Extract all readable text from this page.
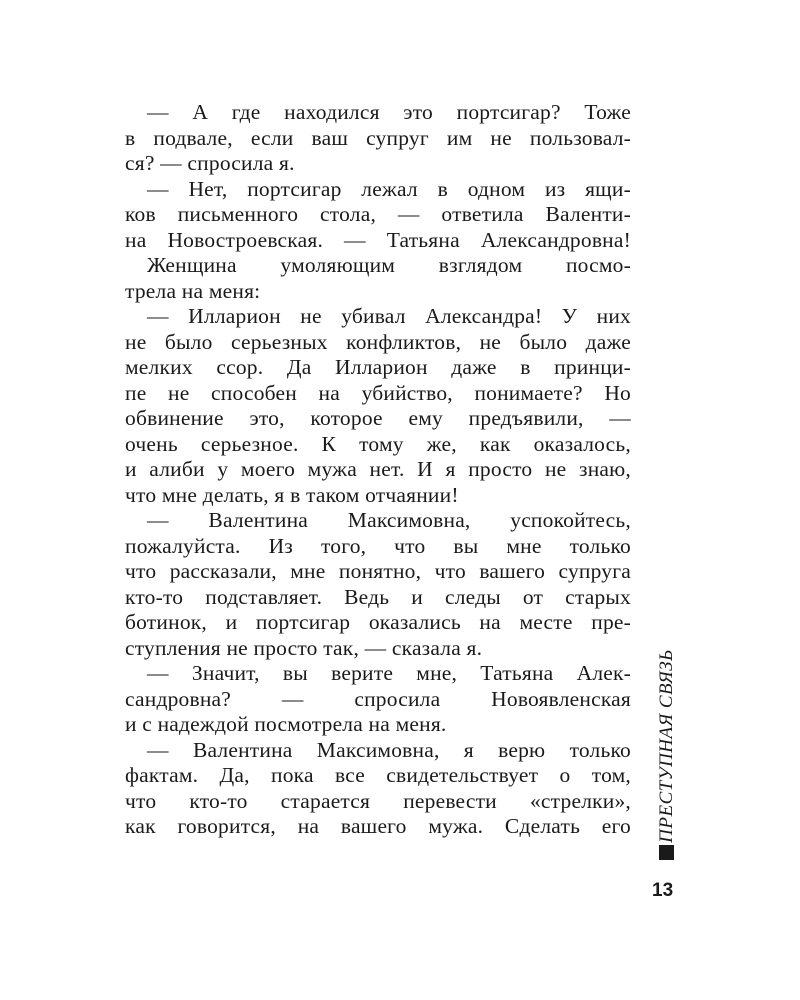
— А где находился это портсигар? Тоже
в подвале, если ваш супруг им не пользовал-
ся? — спросила я.
— Нет, портсигар лежал в одном из ящи-
ков письменного стола, — ответила Валенти-
на Новостроевская. — Татьяна Александровна!
Женщина умоляющим взглядом посмо-
трела на меня:
— Илларион не убивал Александра! У них
не было серьезных конфликтов, не было даже
мелких ссор. Да Илларион даже в принци-
пе не способен на убийство, понимаете? Но
обвинение это, которое ему предъявили, —
очень серьезное. К тому же, как оказалось,
и алиби у моего мужа нет. И я просто не знаю,
что мне делать, я в таком отчаянии!
— Валентина Максимовна, успокойтесь,
пожалуйста. Из того, что вы мне только
что рассказали, мне понятно, что вашего супруга
кто-то подставляет. Ведь и следы от старых
ботинок, и портсигар оказались на месте пре-
ступления не просто так, — сказала я.
— Значит, вы верите мне, Татьяна Алек-
сандровна? — спросила Новоявленская
и с надеждой посмотрела на меня.
— Валентина Максимовна, я верю только
фактам. Да, пока все свидетельствует о том,
что кто-то старается перевести «стрелки»,
как говорится, на вашего мужа. Сделать его ПРЕСТУПНАЯ СВЯЗЬ
13
